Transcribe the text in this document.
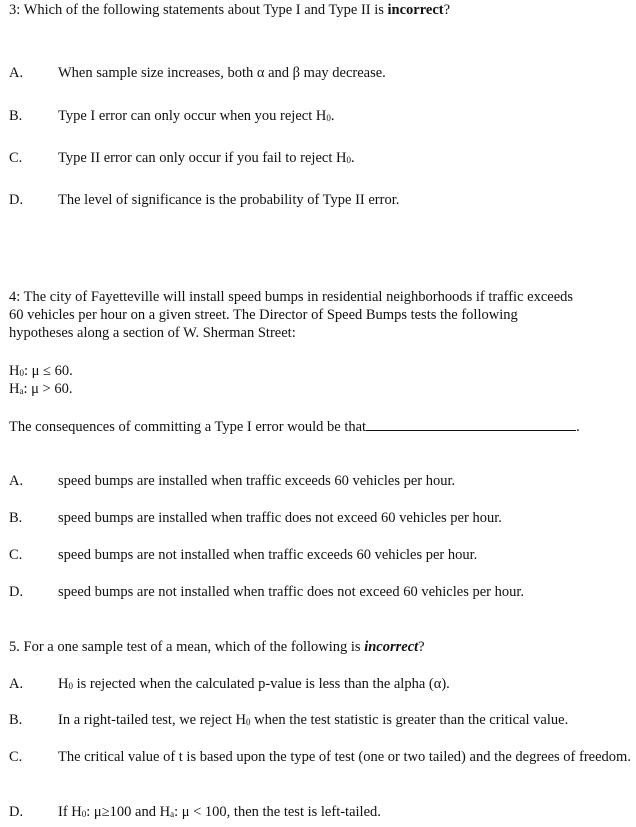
3: Which of the following statements about Type I and Type II is incorrect?
A. When sample size increases, both α and β may decrease.
B. Type I error can only occur when you reject $H_0$.
C. Type II error can only occur if you fail to reject $H_0$.
D. The level of significance is the probability of Type II error.
4: The city of Fayetteville will install speed bumps in residential neighborhoods if traffic exceeds
60 vehicles per hour on a given street. The Director of Speed Bumps tests the following
hypotheses along a section of W. Sherman Street:
$H_0$: μ ≤ 60.
$H_a$: μ > 60.
The consequences of committing a Type I error would be that	.
A. speed bumps are installed when traffic exceeds 60 vehicles per hour.
B. speed bumps are installed when traffic does not exceed 60 vehicles per hour.
C. speed bumps are not installed when traffic exceeds 60 vehicles per hour.
D. speed bumps are not installed when traffic does not exceed 60 vehicles per hour.
5. For a one sample test of a mean, which of the following is incorrect?
A. $H_0$ is rejected when the calculated p-value is less than the alpha (α).
B. In a right-tailed test, we reject $H_0$ when the test statistic is greater than the critical value.
C. The critical value of t is based upon the type of test (one or two tailed) and the degrees of freedom.
D. If $H_0$: μ≥100 and $H_a$: μ < 100, then the test is left-tailed.
